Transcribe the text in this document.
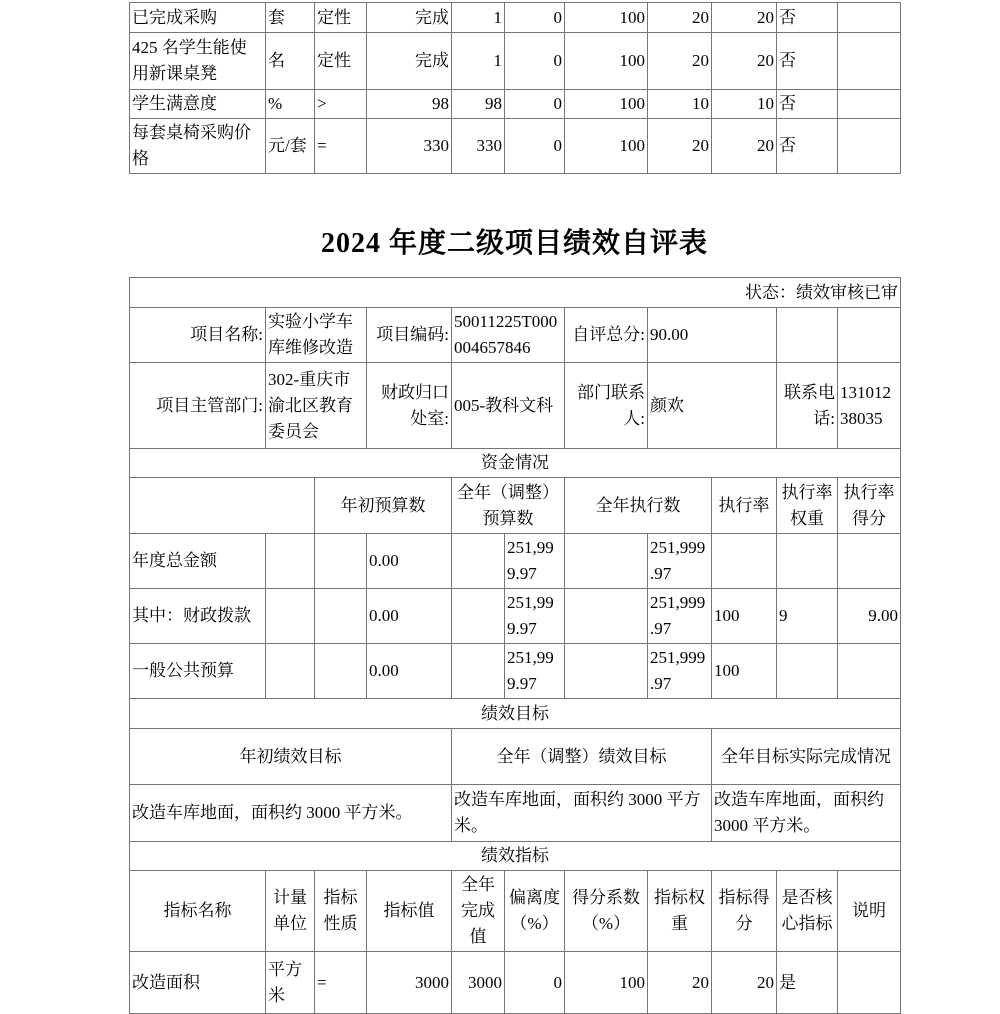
已完成采购	套	定性	完成	1	0	100	20	20	否	
425 名学生能使用新课桌凳	名	定性	完成	1	0	100	20	20	否	
学生满意度	%	>	98	98	0	100	10	10	否	
每套桌椅采购价格	元/套	=	330	330	0	100	20	20	否	
2024 年度二级项目绩效自评表
状态：绩效审核已审										
项目名称:	实验小学车库维修改造		项目编码:	50011225T000004657846		自评总分:	90.00			
项目主管部门:	302-重庆市渝北区教育委员会		财政归口处室:	005-教科文科		部门联系人:	颜欢		联系电话:	13101238035
资金情况										
		年初预算数		全年（调整）预算数		全年执行数		执行率	执行率权重	执行率得分
年度总金额			0.00		251,999.97		251,999.97			
其中：财政拨款			0.00		251,999.97		251,999.97	100	9	9.00
一般公共预算			0.00		251,999.97		251,999.97	100		
绩效目标										
年初绩效目标				全年（调整）绩效目标				全年目标实际完成情况		
改造车库地面，面积约 3000 平方米。				改造车库地面，面积约 3000 平方米。				改造车库地面，面积约 3000 平方米。		
绩效指标										
指标名称	计量单位	指标性质	指标值	全年完成值	偏离度（%）	得分系数（%）	指标权重	指标得分	是否核心指标	说明
改造面积	平方米	=	3000	3000	0	100	20	20	是	
